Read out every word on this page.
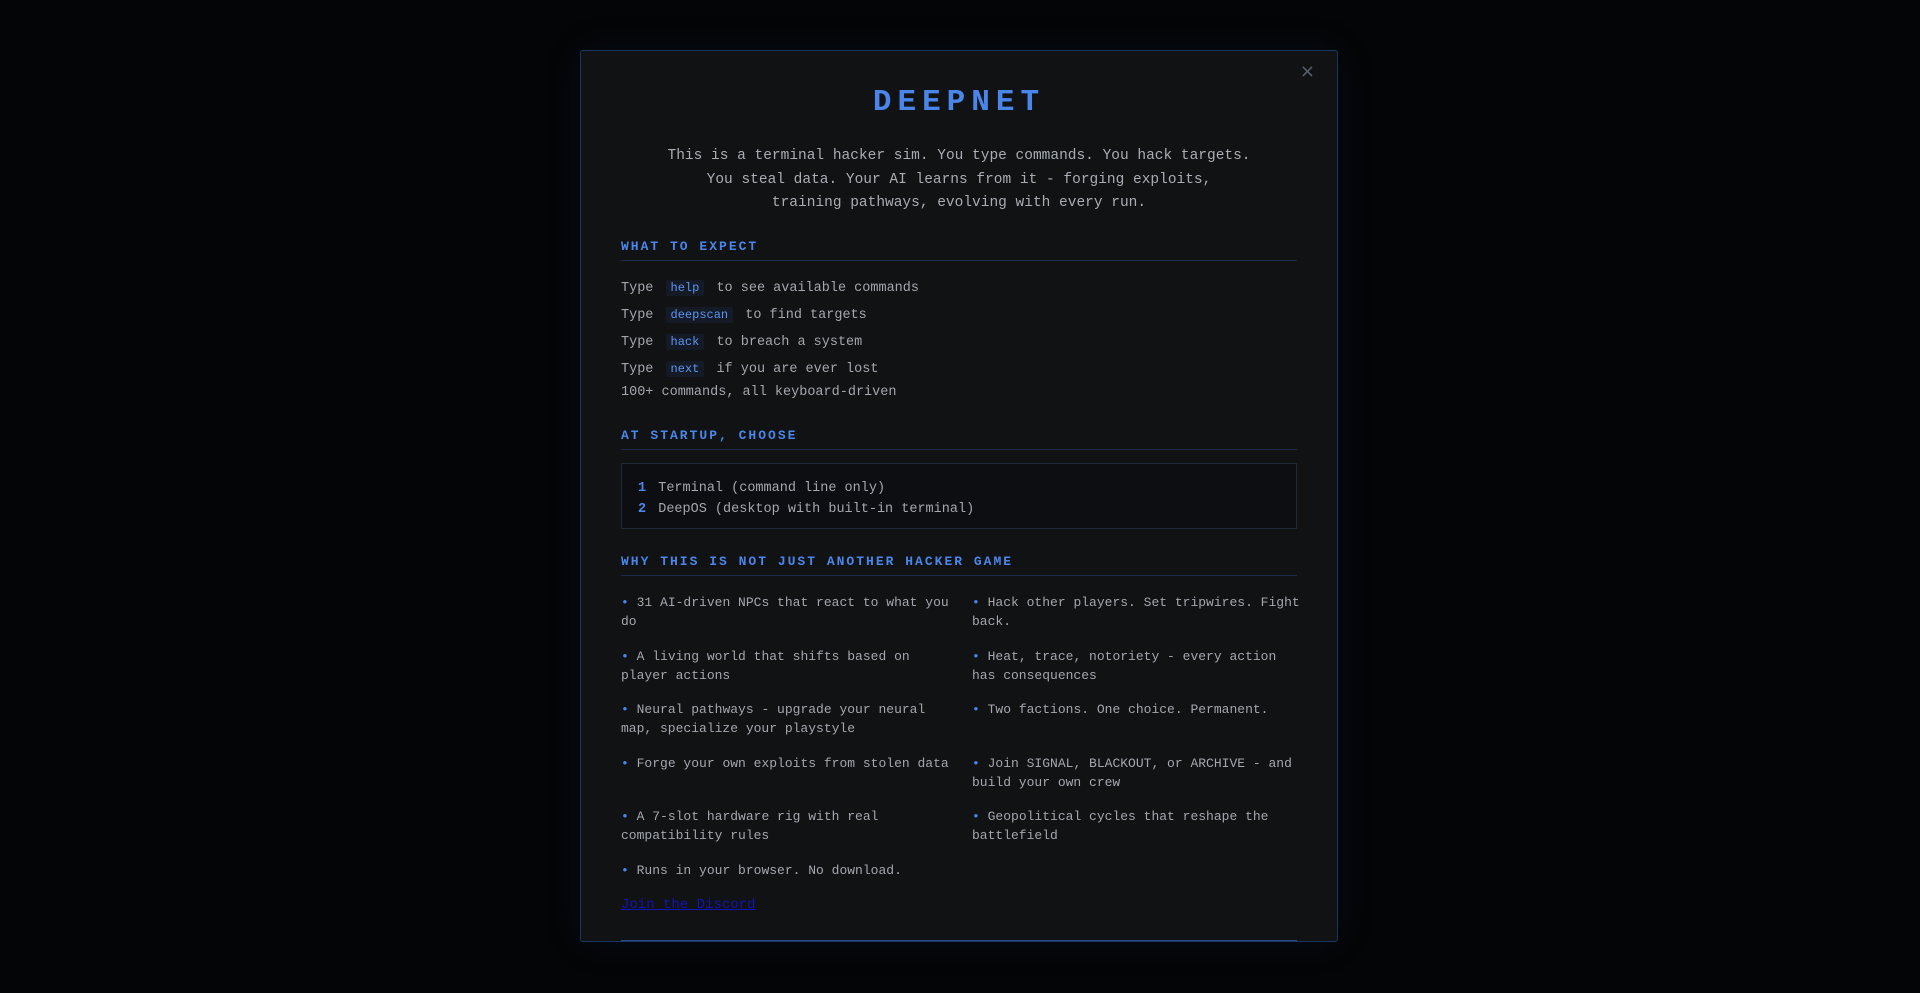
×
DEEPNET
This is a terminal hacker sim. You type commands. You hack targets.
You steal data. Your AI learns from it - forging exploits,
training pathways, evolving with every run.
WHAT TO EXPECT
Type help to see available commands
Type deepscan to find targets
Type hack to breach a system
Type next if you are ever lost
100+ commands, all keyboard-driven
AT STARTUP, CHOOSE
1 Terminal (command line only)
2 DeepOS (desktop with built-in terminal)
WHY THIS IS NOT JUST ANOTHER HACKER GAME
• 31 AI-driven NPCs that react to what you do
• Hack other players. Set tripwires. Fight back.
• A living world that shifts based on player actions
• Heat, trace, notoriety - every action has consequences
• Neural pathways - upgrade your neural map, specialize your playstyle
• Two factions. One choice. Permanent.
• Forge your own exploits from stolen data • Join SIGNAL, BLACKOUT, or ARCHIVE - and build your own crew
• A 7-slot hardware rig with real compatibility rules
• Geopolitical cycles that reshape the battlefield
• Runs in your browser. No download.
Join the Discord
